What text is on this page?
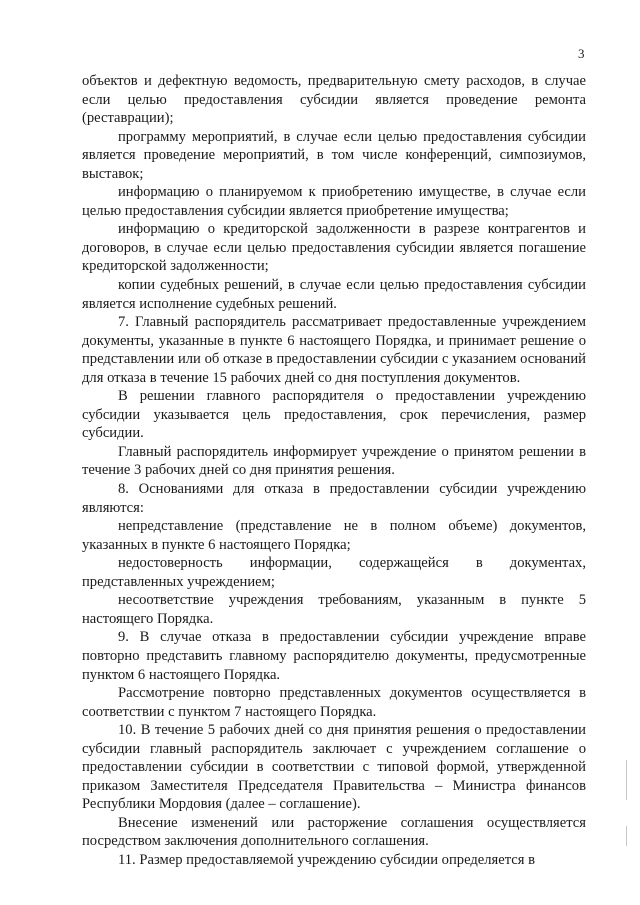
3

объектов и дефектную ведомость, предварительную смету расходов, в случае если целью предоставления субсидии является проведение ремонта (реставрации);

программу мероприятий, в случае если целью предоставления субсидии является проведение мероприятий, в том числе конференций, симпозиумов, выставок;

информацию о планируемом к приобретению имуществе, в случае если целью предоставления субсидии является приобретение имущества;

информацию о кредиторской задолженности в разрезе контрагентов и договоров, в случае если целью предоставления субсидии является погашение кредиторской задолженности;

копии судебных решений, в случае если целью предоставления субсидии является исполнение судебных решений.

7. Главный распорядитель рассматривает предоставленные учреждением документы, указанные в пункте 6 настоящего Порядка, и принимает решение о представлении или об отказе в предоставлении субсидии с указанием оснований для отказа в течение 15 рабочих дней со дня поступления документов.

В решении главного распорядителя о предоставлении учреждению субсидии указывается цель предоставления, срок перечисления, размер субсидии.

Главный распорядитель информирует учреждение о принятом решении в течение 3 рабочих дней со дня принятия решения.

8. Основаниями для отказа в предоставлении субсидии учреждению являются:

непредставление (представление не в полном объеме) документов, указанных в пункте 6 настоящего Порядка;

недостоверность информации, содержащейся в документах, представленных учреждением;

несоответствие учреждения требованиям, указанным в пункте 5 настоящего Порядка.

9. В случае отказа в предоставлении субсидии учреждение вправе повторно представить главному распорядителю документы, предусмотренные пунктом 6 настоящего Порядка.

Рассмотрение повторно представленных документов осуществляется в соответствии с пунктом 7 настоящего Порядка.

10. В течение 5 рабочих дней со дня принятия решения о предоставлении субсидии главный распорядитель заключает с учреждением соглашение о предоставлении субсидии в соответствии с типовой формой, утвержденной приказом Заместителя Председателя Правительства – Министра финансов Республики Мордовия (далее – соглашение).

Внесение изменений или расторжение соглашения осуществляется посредством заключения дополнительного соглашения.

11. Размер предоставляемой учреждению субсидии определяется в
